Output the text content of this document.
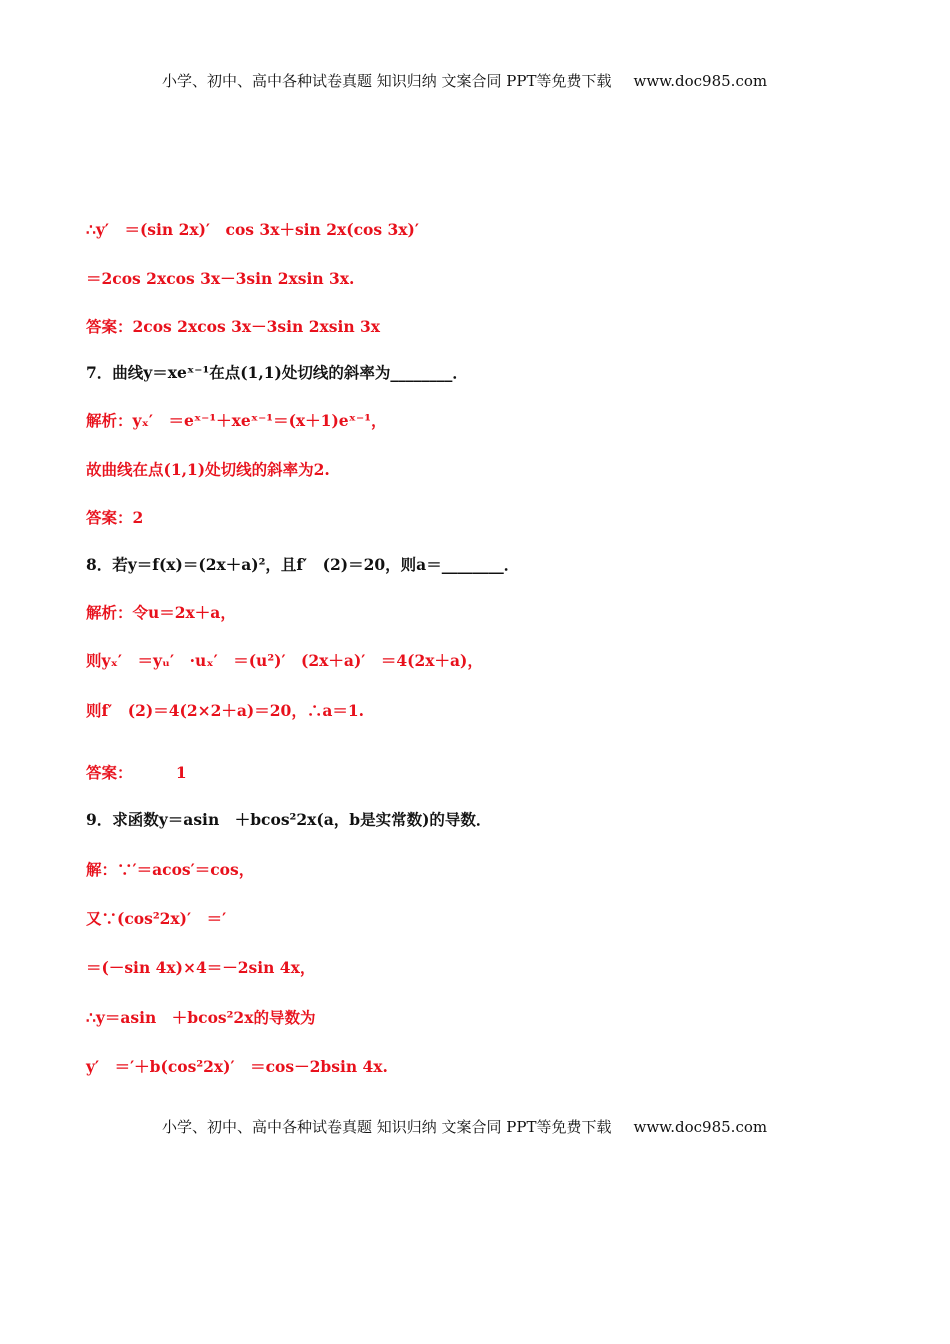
小学、初中、高中各种试卷真题 知识归纳 文案合同 PPT等免费下载 www.doc985.com
∴y′　＝(sin 2x)′　cos 3x＋sin 2x(cos 3x)′
＝2cos 2xcos 3x－3sin 2xsin 3x.
答案：2cos 2xcos 3x－3sin 2xsin 3x
7．曲线y＝xeˣ⁻¹在点(1,1)处切线的斜率为________．
解析：yₓ′　＝eˣ⁻¹＋xeˣ⁻¹＝(x＋1)eˣ⁻¹，
故曲线在点(1,1)处切线的斜率为2.
答案：2
8．若y＝f(x)＝(2x＋a)²，且f′　(2)＝20，则a＝________．
解析：令u＝2x＋a，
则yₓ′　＝yᵤ′　·uₓ′　＝(u²)′　(2x＋a)′　＝4(2x＋a)，
则f′　(2)＝4(2×2＋a)＝20，∴a＝1.
答案：	1
9．求函数y＝asin　＋bcos²2x(a，b是实常数)的导数．
解：∵′＝acos′＝cos，
又∵(cos²2x)′　＝′
＝(－sin 4x)×4＝－2sin 4x，
∴y＝asin　＋bcos²2x的导数为
y′　＝′＋b(cos²2x)′　＝cos－2bsin 4x.
小学、初中、高中各种试卷真题 知识归纳 文案合同 PPT等免费下载 www.doc985.com
